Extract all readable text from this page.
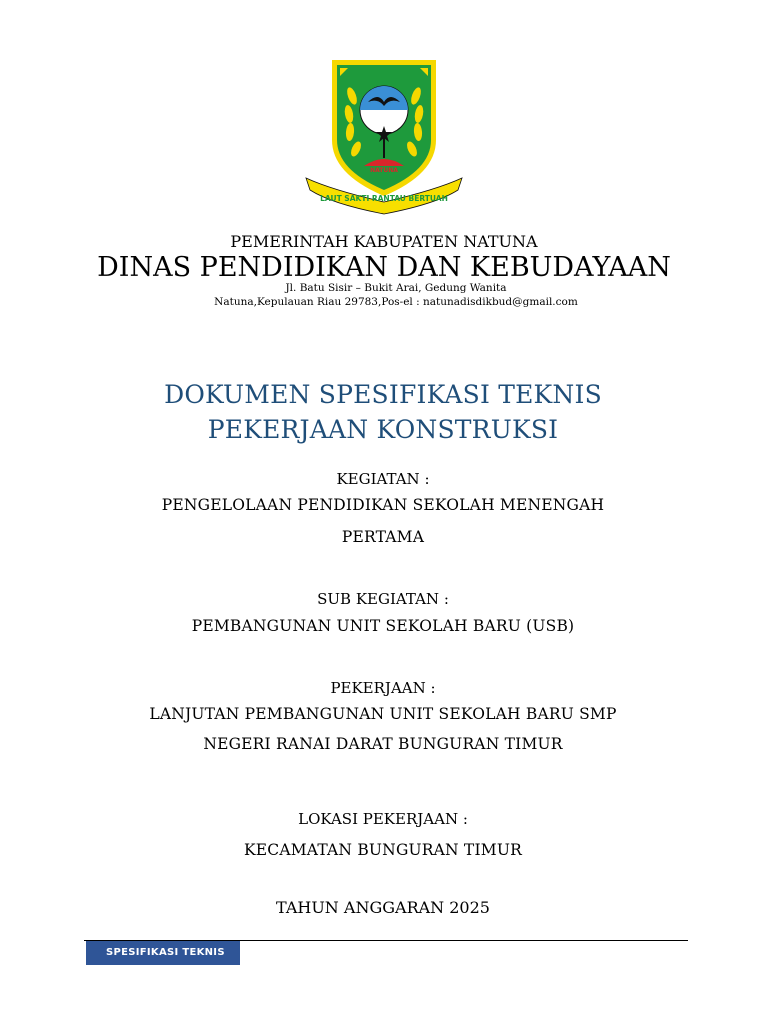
NATUNA
LAUT SAKTI RANTAU BERTUAH
PEMERINTAH KABUPATEN NATUNA
DINAS PENDIDIKAN DAN KEBUDAYAAN
Jl. Batu Sisir – Bukit Arai, Gedung Wanita
Natuna,Kepulauan Riau 29783,Pos-el : natunadisdikbud@gmail.com
DOKUMEN SPESIFIKASI TEKNIS
PEKERJAAN KONSTRUKSI
KEGIATAN :
PENGELOLAAN PENDIDIKAN SEKOLAH MENENGAH
PERTAMA
SUB KEGIATAN :
PEMBANGUNAN UNIT SEKOLAH BARU (USB)
PEKERJAAN :
LANJUTAN PEMBANGUNAN UNIT SEKOLAH BARU SMP
NEGERI RANAI DARAT BUNGURAN TIMUR
LOKASI PEKERJAAN :
KECAMATAN BUNGURAN TIMUR
TAHUN ANGGARAN 2025
SPESIFIKASI TEKNIS
